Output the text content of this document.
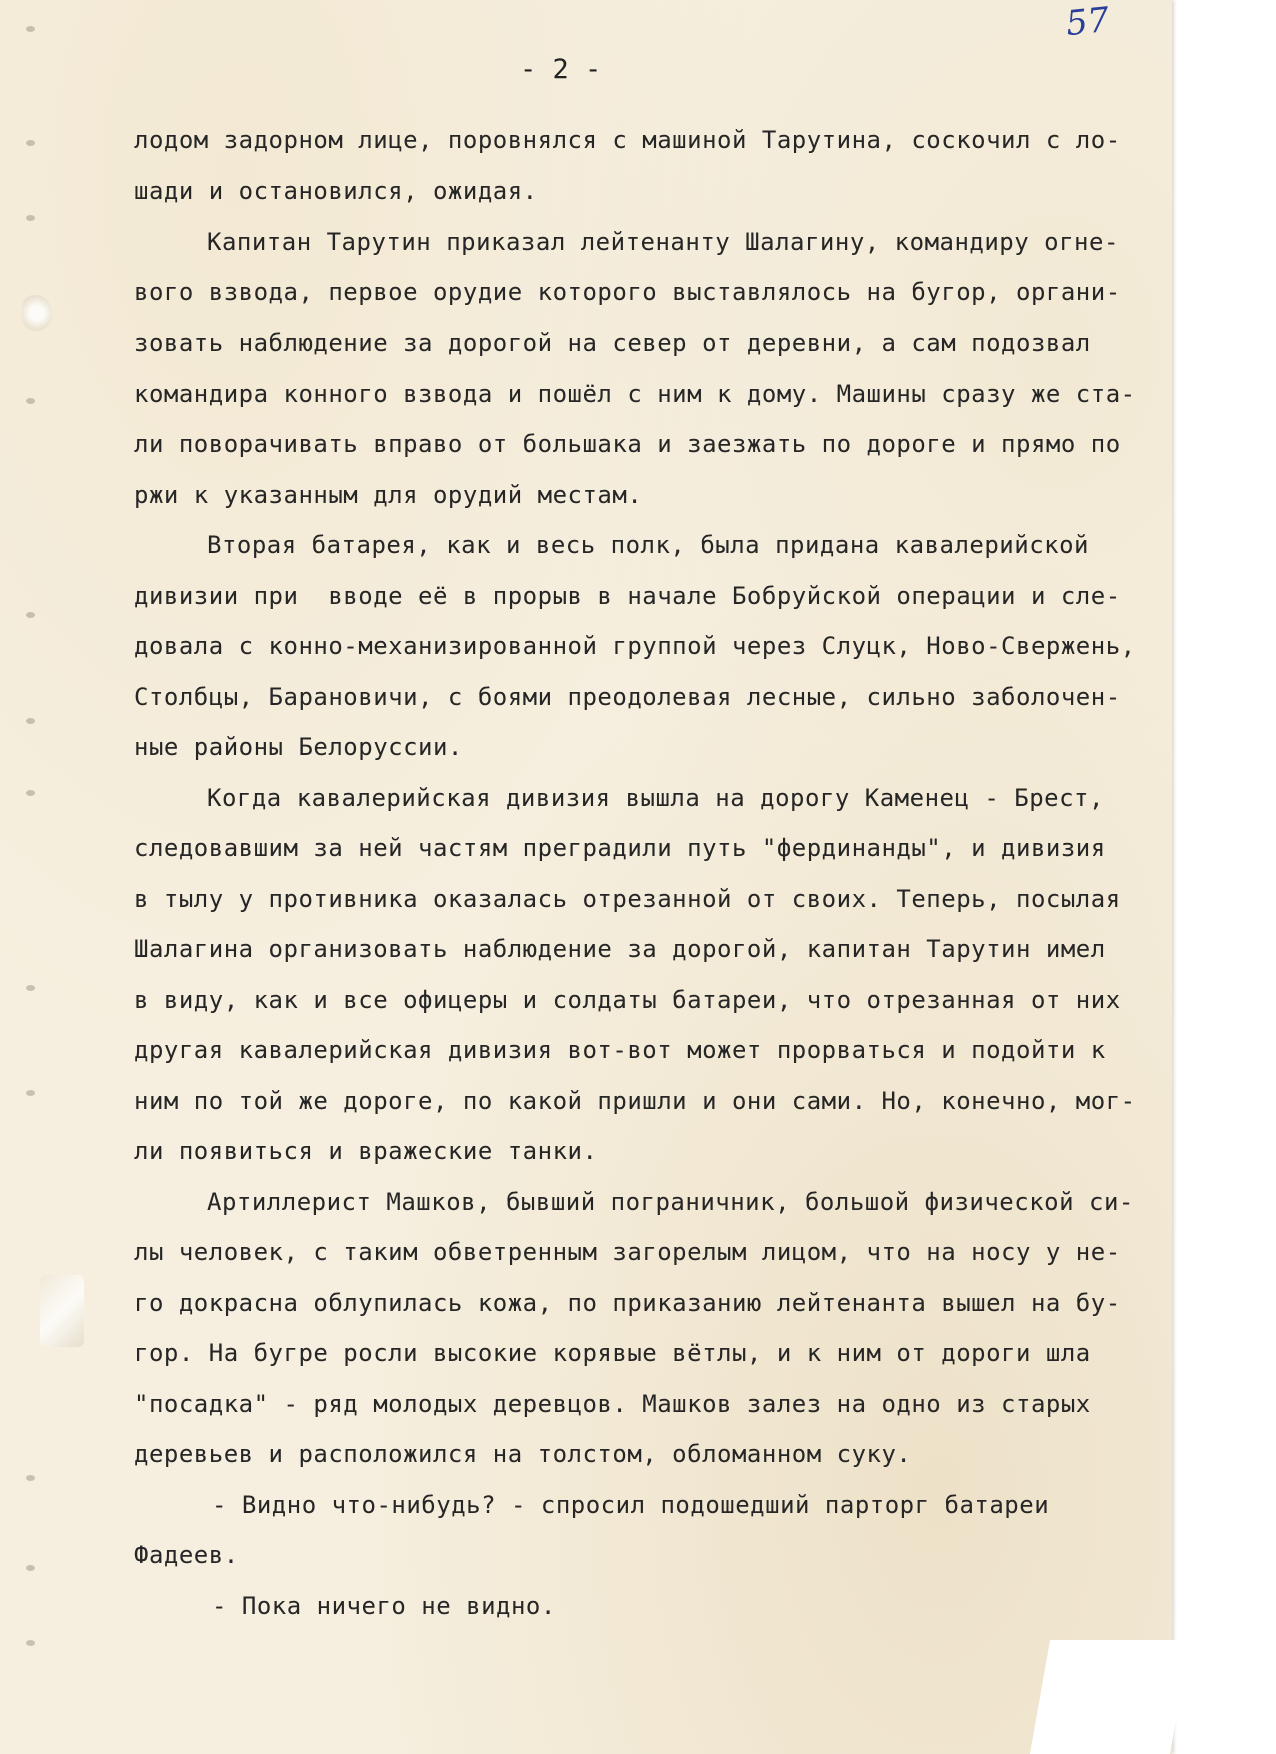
57
- 2 -
лодом задорном лице, поровнялся с машиной Тарутина, соскочил с ло-
шади и остановился, ожидая.
Капитан Тарутин приказал лейтенанту Шалагину, командиру огне-
вого взвода, первое орудие которого выставлялось на бугор, органи-
зовать наблюдение за дорогой на север от деревни, а сам подозвал
командира конного взвода и пошёл с ним к дому. Машины сразу же ста-
ли поворачивать вправо от большака и заезжать по дороге и прямо по
ржи к указанным для орудий местам.
Вторая батарея, как и весь полк, была придана кавалерийской
дивизии при  вводе её в прорыв в начале Бобруйской операции и сле-
довала с конно-механизированной группой через Слуцк, Ново-Свержень,
Столбцы, Барановичи, с боями преодолевая лесные, сильно заболочен-
ные районы Белоруссии.
Когда кавалерийская дивизия вышла на дорогу Каменец - Брест,
следовавшим за ней частям преградили путь "фердинанды", и дивизия
в тылу у противника оказалась отрезанной от своих. Теперь, посылая
Шалагина организовать наблюдение за дорогой, капитан Тарутин имел
в виду, как и все офицеры и солдаты батареи, что отрезанная от них
другая кавалерийская дивизия вот-вот может прорваться и подойти к
ним по той же дороге, по какой пришли и они сами. Но, конечно, мог-
ли появиться и вражеские танки.
Артиллерист Машков, бывший пограничник, большой физической си-
лы человек, с таким обветренным загорелым лицом, что на носу у не-
го докрасна облупилась кожа, по приказанию лейтенанта вышел на бу-
гор. На бугре росли высокие корявые вётлы, и к ним от дороги шла
"посадка" - ряд молодых деревцов. Машков залез на одно из старых
деревьев и расположился на толстом, обломанном суку.
- Видно что-нибудь? - спросил подошедший парторг батареи
Фадеев.
- Пока ничего не видно.
